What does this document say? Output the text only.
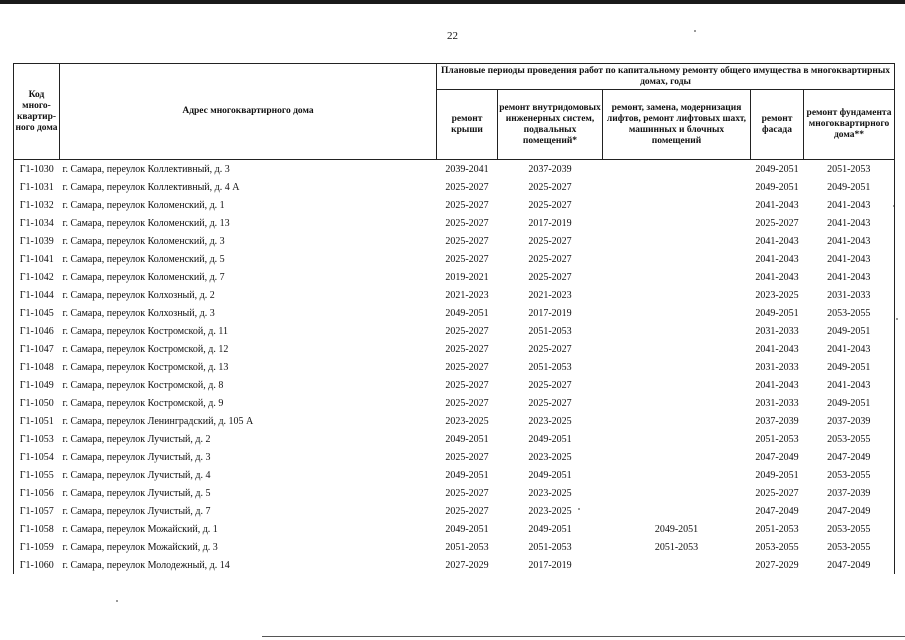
22
Код много-квартир-ного дома	Адрес многоквартирного дома	Плановые периоды проведения работ по капитальному ремонту общего имущества в многоквартирных домах, годы				
		ремонт крыши	ремонт внутридомовых инженерных систем, подвальных помещений*	ремонт, замена, модернизация лифтов, ремонт лифтовых шахт, машинных и блочных помещений	ремонт фасада	ремонт фундамента многоквартирного дома**
Г1-1030	г. Самара, переулок Коллективный, д. 3	2039-2041	2037-2039		2049-2051	2051-2053
Г1-1031	г. Самара, переулок Коллективный, д. 4 А	2025-2027	2025-2027		2049-2051	2049-2051
Г1-1032	г. Самара, переулок Коломенский, д. 1	2025-2027	2025-2027		2041-2043	2041-2043
Г1-1034	г. Самара, переулок Коломенский, д. 13	2025-2027	2017-2019		2025-2027	2041-2043
Г1-1039	г. Самара, переулок Коломенский, д. 3	2025-2027	2025-2027		2041-2043	2041-2043
Г1-1041	г. Самара, переулок Коломенский, д. 5	2025-2027	2025-2027		2041-2043	2041-2043
Г1-1042	г. Самара, переулок Коломенский, д. 7	2019-2021	2025-2027		2041-2043	2041-2043
Г1-1044	г. Самара, переулок Колхозный, д. 2	2021-2023	2021-2023		2023-2025	2031-2033
Г1-1045	г. Самара, переулок Колхозный, д. 3	2049-2051	2017-2019		2049-2051	2053-2055
Г1-1046	г. Самара, переулок Костромской, д. 11	2025-2027	2051-2053		2031-2033	2049-2051
Г1-1047	г. Самара, переулок Костромской, д. 12	2025-2027	2025-2027		2041-2043	2041-2043
Г1-1048	г. Самара, переулок Костромской, д. 13	2025-2027	2051-2053		2031-2033	2049-2051
Г1-1049	г. Самара, переулок Костромской, д. 8	2025-2027	2025-2027		2041-2043	2041-2043
Г1-1050	г. Самара, переулок Костромской, д. 9	2025-2027	2025-2027		2031-2033	2049-2051
Г1-1051	г. Самара, переулок Ленинградский, д. 105 А	2023-2025	2023-2025		2037-2039	2037-2039
Г1-1053	г. Самара, переулок Лучистый, д. 2	2049-2051	2049-2051		2051-2053	2053-2055
Г1-1054	г. Самара, переулок Лучистый, д. 3	2025-2027	2023-2025		2047-2049	2047-2049
Г1-1055	г. Самара, переулок Лучистый, д. 4	2049-2051	2049-2051		2049-2051	2053-2055
Г1-1056	г. Самара, переулок Лучистый, д. 5	2025-2027	2023-2025		2025-2027	2037-2039
Г1-1057	г. Самара, переулок Лучистый, д. 7	2025-2027	2023-2025		2047-2049	2047-2049
Г1-1058	г. Самара, переулок Можайский, д. 1	2049-2051	2049-2051	2049-2051	2051-2053	2053-2055
Г1-1059	г. Самара, переулок Можайский, д. 3	2051-2053	2051-2053	2051-2053	2053-2055	2053-2055
Г1-1060	г. Самара, переулок Молодежный, д. 14	2027-2029	2017-2019		2027-2029	2047-2049
